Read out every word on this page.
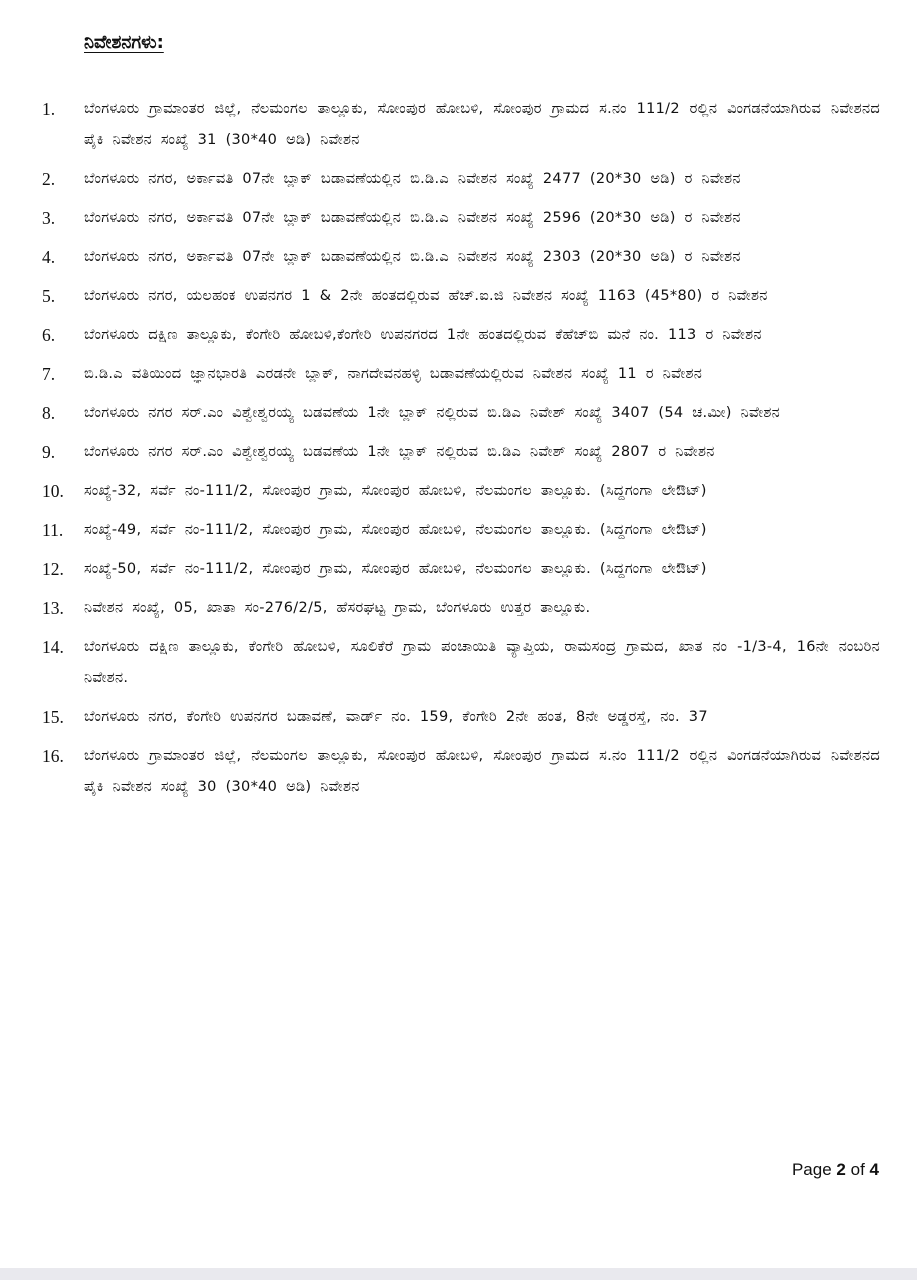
ನಿವೇಶನಗಳು:
1.	ಬೆಂಗಳೂರು ಗ್ರಾಮಾಂತರ ಜಿಲ್ಲೆ, ನೆಲಮಂಗಲ ತಾಲ್ಲೂಕು, ಸೋಂಪುರ ಹೋಬಳಿ, ಸೋಂಪುರ ಗ್ರಾಮದ ಸ.ನಂ 111/2 ರಲ್ಲಿನ ವಿಂಗಡನೆಯಾಗಿರುವ ನಿವೇಶನದ ಪೈಕಿ ನಿವೇಶನ ಸಂಖ್ಯೆ 31 (30*40 ಅಡಿ) ನಿವೇಶನ
2.	ಬೆಂಗಳೂರು ನಗರ, ಅರ್ಕಾವತಿ 07ನೇ ಬ್ಲಾಕ್ ಬಡಾವಣೆಯಲ್ಲಿನ ಬಿ.ಡಿ.ಎ ನಿವೇಶನ ಸಂಖ್ಯೆ 2477 (20*30 ಅಡಿ) ರ ನಿವೇಶನ
3.	ಬೆಂಗಳೂರು ನಗರ, ಅರ್ಕಾವತಿ 07ನೇ ಬ್ಲಾಕ್ ಬಡಾವಣೆಯಲ್ಲಿನ ಬಿ.ಡಿ.ಎ ನಿವೇಶನ ಸಂಖ್ಯೆ 2596 (20*30 ಅಡಿ) ರ ನಿವೇಶನ
4.	ಬೆಂಗಳೂರು ನಗರ, ಅರ್ಕಾವತಿ 07ನೇ ಬ್ಲಾಕ್ ಬಡಾವಣೆಯಲ್ಲಿನ ಬಿ.ಡಿ.ಎ ನಿವೇಶನ ಸಂಖ್ಯೆ 2303 (20*30 ಅಡಿ) ರ ನಿವೇಶನ
5.	ಬೆಂಗಳೂರು ನಗರ, ಯಲಹಂಕ ಉಪನಗರ 1 & 2ನೇ ಹಂತದಲ್ಲಿರುವ ಹೆಚ್.ಐ.ಜಿ ನಿವೇಶನ ಸಂಖ್ಯೆ 1163 (45*80) ರ ನಿವೇಶನ
6.	ಬೆಂಗಳೂರು ದಕ್ಷಿಣ ತಾಲ್ಲೂಕು, ಕೆಂಗೇರಿ ಹೋಬಳಿ,ಕೆಂಗೇರಿ ಉಪನಗರದ 1ನೇ ಹಂತದಲ್ಲಿರುವ ಕೆಹೆಚ್‌ಬಿ ಮನೆ ನಂ. 113 ರ ನಿವೇಶನ
7.	ಬಿ.ಡಿ.ಎ ವತಿಯಿಂದ ಜ್ಞಾನಭಾರತಿ ಎರಡನೇ ಬ್ಲಾಕ್, ನಾಗದೇವನಹಳ್ಳಿ ಬಡಾವಣೆಯಲ್ಲಿರುವ ನಿವೇಶನ ಸಂಖ್ಯೆ 11 ರ ನಿವೇಶನ
8.	ಬೆಂಗಳೂರು ನಗರ ಸರ್.ಎಂ ವಿಶ್ವೇಶ್ವರಯ್ಯ ಬಡವಣೆಯ 1ನೇ ಬ್ಲಾಕ್ ನಲ್ಲಿರುವ ಬಿ.ಡಿಎ ನಿವೇಶ್ ಸಂಖ್ಯೆ 3407 (54 ಚ.ಮೀ) ನಿವೇಶನ
9.	ಬೆಂಗಳೂರು ನಗರ ಸರ್.ಎಂ ವಿಶ್ವೇಶ್ವರಯ್ಯ ಬಡವಣೆಯ 1ನೇ ಬ್ಲಾಕ್ ನಲ್ಲಿರುವ ಬಿ.ಡಿಎ ನಿವೇಶ್ ಸಂಖ್ಯೆ 2807 ರ ನಿವೇಶನ
10.	ಸಂಖ್ಯೆ-32, ಸರ್ವೆ ನಂ-111/2, ಸೋಂಪುರ ಗ್ರಾಮ, ಸೋಂಪುರ ಹೋಬಳಿ, ನೆಲಮಂಗಲ ತಾಲ್ಲೂಕು. (ಸಿದ್ದಗಂಗಾ ಲೇಔಟ್)
11.	ಸಂಖ್ಯೆ-49, ಸರ್ವೆ ನಂ-111/2, ಸೋಂಪುರ ಗ್ರಾಮ, ಸೋಂಪುರ ಹೋಬಳಿ, ನೆಲಮಂಗಲ ತಾಲ್ಲೂಕು. (ಸಿದ್ದಗಂಗಾ ಲೇಔಟ್)
12.	ಸಂಖ್ಯೆ-50, ಸರ್ವೆ ನಂ-111/2, ಸೋಂಪುರ ಗ್ರಾಮ, ಸೋಂಪುರ ಹೋಬಳಿ, ನೆಲಮಂಗಲ ತಾಲ್ಲೂಕು. (ಸಿದ್ದಗಂಗಾ ಲೇಔಟ್)
13.	ನಿವೇಶನ ಸಂಖ್ಯೆ, 05, ಖಾತಾ ಸಂ-276/2/5, ಹೆಸರಘಟ್ಟ ಗ್ರಾಮ, ಬೆಂಗಳೂರು ಉತ್ತರ ತಾಲ್ಲೂಕು.
14.	ಬೆಂಗಳೂರು ದಕ್ಷಿಣ ತಾಲ್ಲೂಕು, ಕೆಂಗೇರಿ ಹೋಬಳಿ, ಸೂಲಿಕೆರೆ ಗ್ರಾಮ ಪಂಚಾಯಿತಿ ವ್ಯಾಪ್ತಿಯ, ರಾಮಸಂದ್ರ ಗ್ರಾಮದ, ಖಾತ ನಂ -1/3-4, 16ನೇ ನಂಬರಿನ ನಿವೇಶನ.
15.	ಬೆಂಗಳೂರು ನಗರ, ಕೆಂಗೇರಿ ಉಪನಗರ ಬಡಾವಣೆ, ವಾರ್ಡ್ ನಂ. 159, ಕೆಂಗೇರಿ 2ನೇ ಹಂತ, 8ನೇ ಅಡ್ಡರಸ್ತೆ, ನಂ. 37
16.	ಬೆಂಗಳೂರು ಗ್ರಾಮಾಂತರ ಜಿಲ್ಲೆ, ನೆಲಮಂಗಲ ತಾಲ್ಲೂಕು, ಸೋಂಪುರ ಹೋಬಳಿ, ಸೋಂಪುರ ಗ್ರಾಮದ ಸ.ನಂ 111/2 ರಲ್ಲಿನ ವಿಂಗಡನೆಯಾಗಿರುವ ನಿವೇಶನದ ಪೈಕಿ ನಿವೇಶನ ಸಂಖ್ಯೆ 30 (30*40 ಅಡಿ) ನಿವೇಶನ
Page 2 of 4
